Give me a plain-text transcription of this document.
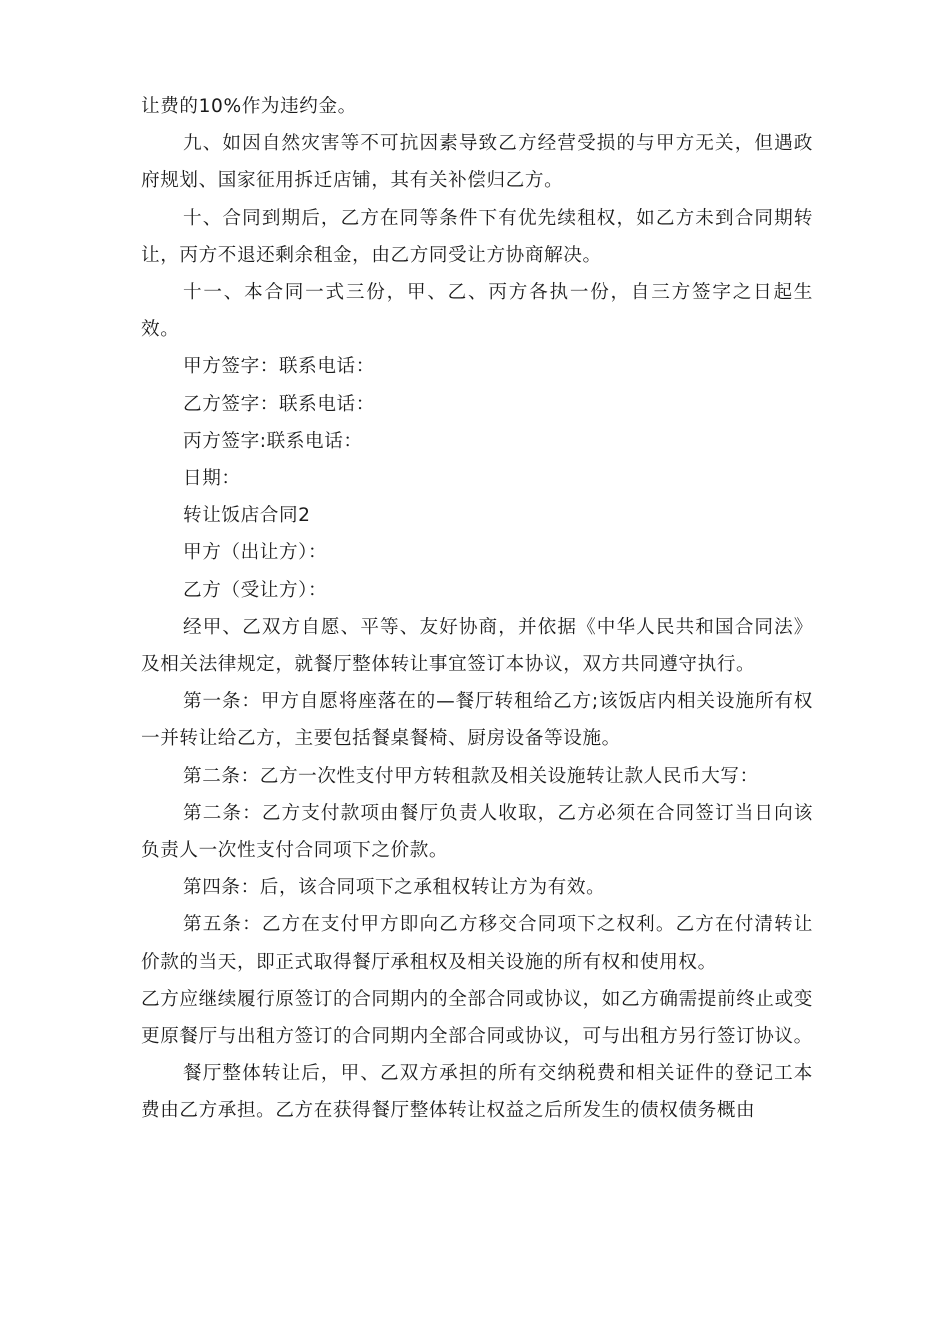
让费的10%作为违约金。

九、如因自然灾害等不可抗因素导致乙方经营受损的与甲方无关，但遇政府规划、国家征用拆迁店铺，其有关补偿归乙方。

十、合同到期后，乙方在同等条件下有优先续租权，如乙方未到合同期转让，丙方不退还剩余租金，由乙方同受让方协商解决。

十一、本合同一式三份，甲、乙、丙方各执一份，自三方签字之日起生效。

甲方签字：联系电话：

乙方签字：联系电话：

丙方签字:联系电话：

日期：

转让饭店合同2

甲方（出让方）：

乙方（受让方）：

经甲、乙双方自愿、平等、友好协商，并依据《中华人民共和国合同法》及相关法律规定，就餐厅整体转让事宜签订本协议，双方共同遵守执行。

第一条：甲方自愿将座落在的—餐厅转租给乙方;该饭店内相关设施所有权一并转让给乙方，主要包括餐桌餐椅、厨房设备等设施。

第二条：乙方一次性支付甲方转租款及相关设施转让款人民币大写：

第二条：乙方支付款项由餐厅负责人收取，乙方必须在合同签订当日向该负责人一次性支付合同项下之价款。

第四条：后，该合同项下之承租权转让方为有效。

第五条：乙方在支付甲方即向乙方移交合同项下之权利。乙方在付清转让价款的当天，即正式取得餐厅承租权及相关设施的所有权和使用权。

乙方应继续履行原签订的合同期内的全部合同或协议，如乙方确需提前终止或变更原餐厅与出租方签订的合同期内全部合同或协议，可与出租方另行签订协议。

餐厅整体转让后，甲、乙双方承担的所有交纳税费和相关证件的登记工本费由乙方承担。乙方在获得餐厅整体转让权益之后所发生的债权债务概由
